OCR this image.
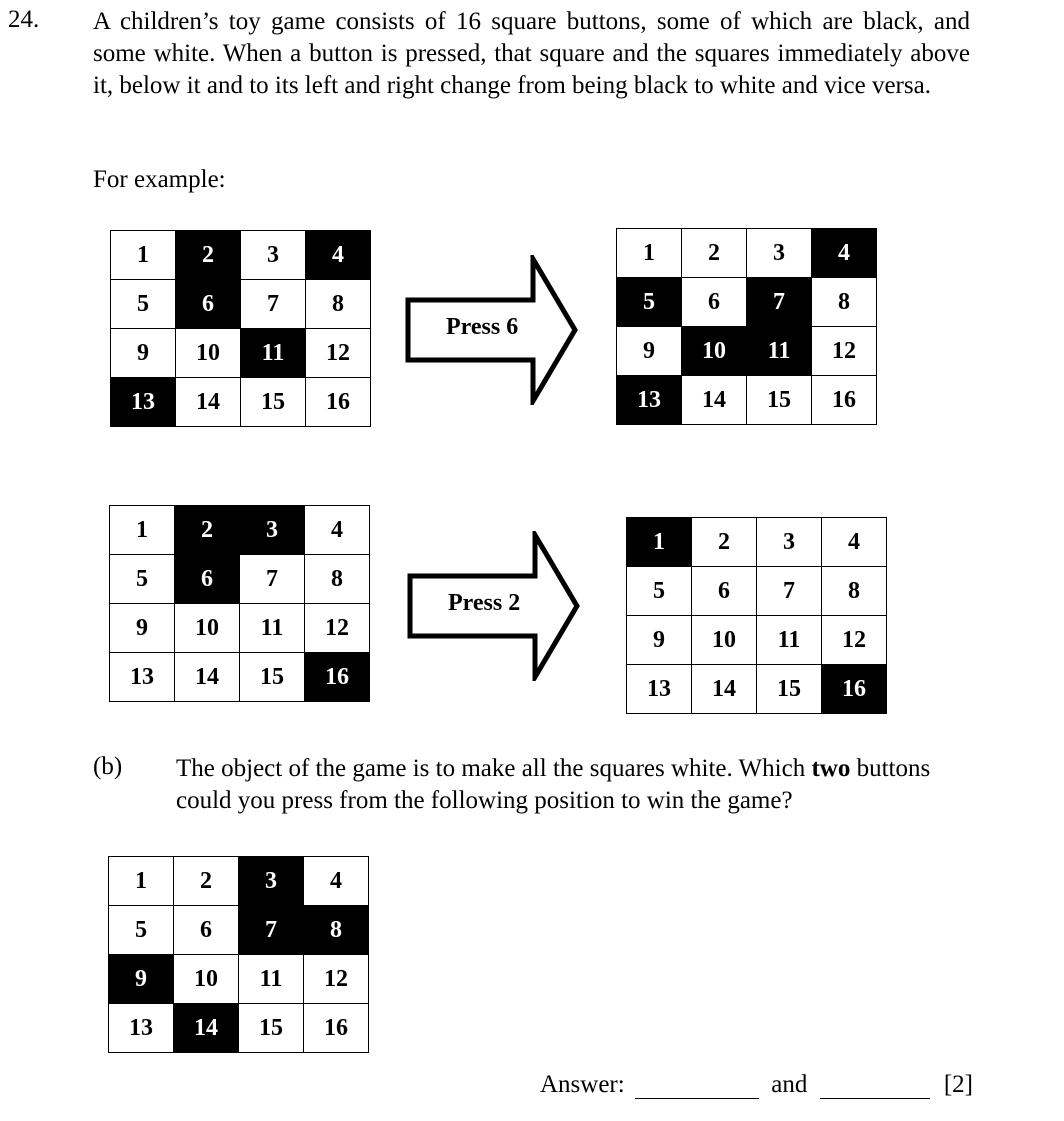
24. A children’s toy game consists of 16 square buttons, some of which are black, and some white. When a button is pressed, that square and the squares immediately above it, below it and to its left and right change from being black to white and vice versa.

For example:
1	2	3	4
5	6	7	8
9	10	11	12
13	14	15	16
Press 6
1	2	3	4
5	6	7	8
9	10	11	12
13	14	15	16
1	2	3	4
5	6	7	8
9	10	11	12
13	14	15	16
Press 2
1	2	3	4
5	6	7	8
9	10	11	12
13	14	15	16
(b) The object of the game is to make all the squares white. Which two buttons could you press from the following position to win the game?

1	2	3	4
5	6	7	8
9	10	11	12
13	14	15	16
Answer:	and	[2]
